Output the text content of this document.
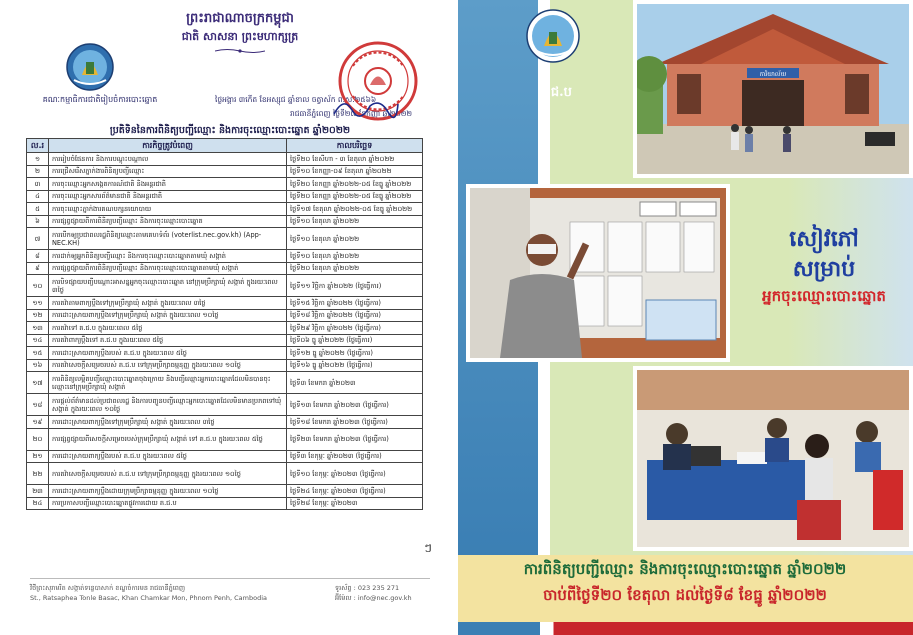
ព្រះរាជាណាចក្រកម្ពុជា
ជាតិ សាសនា ព្រះមហាក្សត្រ
គណៈកម្មាធិការជាតិរៀបចំការបោះឆ្នោត	ថ្ងៃអង្គារ ៣កើត ខែអស្សុជ ឆ្នាំខាល ចត្វាស័ក ព.ស.២៥៦៦
រាជធានីភ្នំពេញ ថ្ងៃទី២៧ ខែកញ្ញា ឆ្នាំ២០២២
ប្រតិទិននៃការពិនិត្យបញ្ជីឈ្មោះ និងការចុះឈ្មោះបោះឆ្នោត ឆ្នាំ២០២២
ល.រ	ការកិច្ចត្រូវបំពេញ	កាលបរិច្ឆេទ
១	ការរៀបចំផែនការ និងការបណ្តុះបណ្តាល	ថ្ងៃទី២០ ខែសីហា - ៣ ខែតុលា ឆ្នាំ២០២២
២	ការជ្រើសរើសភ្នាក់ងារពិនិត្យបញ្ជីឈ្មោះ	ថ្ងៃទី១០ ខែកញ្ញា-០៩ ខែតុលា ឆ្នាំ២០២២
៣	ការចុះឈ្មោះអ្នកសង្កេតការណ៍ជាតិ និងអន្តរជាតិ	ថ្ងៃទី២០ ខែកញ្ញា ឆ្នាំ២០២២-០៥ ខែធ្នូ ឆ្នាំ២០២២
៤	ការចុះឈ្មោះអ្នកសារព័ត៌មានជាតិ និងអន្តរជាតិ	ថ្ងៃទី២០ ខែកញ្ញា ឆ្នាំ២០២២-០៥ ខែធ្នូ ឆ្នាំ២០២២
៥	ការចុះឈ្មោះភ្នាក់ងារគណបក្សនយោបាយ	ថ្ងៃទី១៧ ខែតុលា ឆ្នាំ២០២២-០៥ ខែធ្នូ ឆ្នាំ២០២២
៦	ការផ្សព្វផ្សាយពីការពិនិត្យបញ្ជីឈ្មោះ និងការចុះឈ្មោះបោះឆ្នោត	ថ្ងៃទី១០ ខែតុលា ឆ្នាំ២០២២
៧	ការបើកឲ្យប្រជាពលរដ្ឋពិនិត្យឈ្មោះតាមគេហទំព័រ (voterlist.nec.gov.kh) (App-NEC.KH)	ថ្ងៃទី១០ ខែតុលា ឆ្នាំ២០២២
៨	ការដាក់ឲ្យអ្នកពិនិត្យបញ្ជីឈ្មោះ និងការចុះឈ្មោះបោះឆ្នោតតាមឃុំ សង្កាត់	ថ្ងៃទី១០ ខែតុលា ឆ្នាំ២០២២
៩	ការផ្សព្វផ្សាយពីការពិនិត្យបញ្ជីឈ្មោះ និងការចុះឈ្មោះបោះឆ្នោតតាមឃុំ សង្កាត់	ថ្ងៃទី២០ ខែតុលា ឆ្នាំ២០២២
១០	ការបិទផ្សាយបញ្ជីបណ្តោះអាសន្នអ្នកចុះឈ្មោះបោះឆ្នោត នៅក្រុមប្រឹក្សាឃុំ សង្កាត់ ក្នុងរយៈពេល ៣ថ្ងៃ	ថ្ងៃទី១១ វិច្ឆិកា ឆ្នាំ២០២២ (ថ្ងៃធ្វើការ)
១១	ការតវ៉ាតាមពាក្យប្តឹងទៅក្រុមប្រឹក្សាឃុំ សង្កាត់ ក្នុងរយៈពេល ៣ថ្ងៃ	ថ្ងៃទី១៥ វិច្ឆិកា ឆ្នាំ២០២២ (ថ្ងៃធ្វើការ)
១២	ការដោះស្រាយពាក្យប្តឹងទៅក្រុមប្រឹក្សាឃុំ សង្កាត់ ក្នុងរយៈពេល ១០ថ្ងៃ	ថ្ងៃទី១៨ វិច្ឆិកា ឆ្នាំ២០២២ (ថ្ងៃធ្វើការ)
១៣	ការតវ៉ាទៅ គ.ជ.ប ក្នុងរយៈពេល ៥ថ្ងៃ	ថ្ងៃទី២៩ វិច្ឆិកា ឆ្នាំ២០២២ (ថ្ងៃធ្វើការ)
១៤	ការតវ៉ាពាក្យប្តឹងទៅ គ.ជ.ប ក្នុងរយៈពេល ៥ថ្ងៃ	ថ្ងៃទី០៦ ធ្នូ ឆ្នាំ២០២២ (ថ្ងៃធ្វើការ)
១៥	ការដោះស្រាយពាក្យប្តឹងរបស់ គ.ជ.ប ក្នុងរយៈពេល ៥ថ្ងៃ	ថ្ងៃទី១២ ធ្នូ ឆ្នាំ២០២២ (ថ្ងៃធ្វើការ)
១៦	ការតវ៉ាសេចក្តីសម្រេចរបស់ គ.ជ.ប ទៅក្រុមប្រឹក្សាធម្មនុញ្ញ ក្នុងរយៈពេល ១០ថ្ងៃ	ថ្ងៃទី១៦ ធ្នូ ឆ្នាំ២០២២ (ថ្ងៃធ្វើការ)
១៧	ការពិនិត្យលម្អិតបញ្ជីឈ្មោះបោះឆ្នោតចុងក្រោយ និងបញ្ជីឈ្មោះអ្នកបោះឆ្នោតដែលមិនបានចុះឈ្មោះនៅក្រុមប្រឹក្សាឃុំ សង្កាត់	ថ្ងៃទី៣ ខែមករា ឆ្នាំ២០២៣
១៨	ការផ្តល់ព័ត៌មានដល់ប្រជាពលរដ្ឋ និងការបញ្ជូនបញ្ជីឈ្មោះអ្នកបោះឆ្នោតដែលមិនមានប្រភពទៅឃុំ សង្កាត់ ក្នុងរយៈពេល ១០ថ្ងៃ	ថ្ងៃទី១៣ ខែមករា ឆ្នាំ២០២៣ (ថ្ងៃធ្វើការ)
១៩	ការដោះស្រាយពាក្យប្តឹងទៅក្រុមប្រឹក្សាឃុំ សង្កាត់ ក្នុងរយៈពេល ៣ថ្ងៃ	ថ្ងៃទី១៨ ខែមករា ឆ្នាំ២០២៣ (ថ្ងៃធ្វើការ)
២០	ការផ្សព្វផ្សាយពីសេចក្តីសម្រេចរបស់ក្រុមប្រឹក្សាឃុំ សង្កាត់ ទៅ គ.ជ.ប ក្នុងរយៈពេល ៥ថ្ងៃ	ថ្ងៃទី២៣ ខែមករា ឆ្នាំ២០២៣ (ថ្ងៃធ្វើការ)
២១	ការដោះស្រាយពាក្យប្តឹងរបស់ គ.ជ.ប ក្នុងរយៈពេល ៥ថ្ងៃ	ថ្ងៃទី៣ ខែកុម្ភៈ ឆ្នាំ២០២៣ (ថ្ងៃធ្វើការ)
២២	ការតវ៉ាសេចក្តីសម្រេចរបស់ គ.ជ.ប ទៅក្រុមប្រឹក្សាធម្មនុញ្ញ ក្នុងរយៈពេល ១០ថ្ងៃ	ថ្ងៃទី១០ ខែកុម្ភៈ ឆ្នាំ២០២៣ (ថ្ងៃធ្វើការ)
២៣	ការដោះស្រាយពាក្យប្តឹងដោយក្រុមប្រឹក្សាធម្មនុញ្ញ ក្នុងរយៈពេល ១០ថ្ងៃ	ថ្ងៃទី២៤ ខែកុម្ភៈ ឆ្នាំ២០២៣ (ថ្ងៃធ្វើការ)
២៤	ការប្រកាសបញ្ជីឈ្មោះបោះឆ្នោតផ្លូវការដោយ គ.ជ.ប	ថ្ងៃទី២៨ ខែកុម្ភៈ ឆ្នាំ២០២៣
ៗ
វិថីព្រះសុរាមរិត សង្កាត់ទន្លេបាសាក់ ខណ្ឌចំការមន រាជធានីភ្នំពេញ
St., Ratsaphea Tonle Basac, Khan Chamkar Mon, Phnom Penh, Cambodia
ទូរស័ព្ទ : 023 235 271
អ៊ីម៉ែល : info@nec.gov.kh
គ.ជ.ប
ការិយាល័យ
សៀវភៅ
សម្រាប់
អ្នកចុះឈ្មោះបោះឆ្នោត
ការពិនិត្យបញ្ជីឈ្មោះ និងការចុះឈ្មោះបោះឆ្នោត ឆ្នាំ២០២២
ចាប់ពីថ្ងៃទី២០ ខែតុលា ដល់ថ្ងៃទី៨ ខែធ្នូ ឆ្នាំ២០២២
